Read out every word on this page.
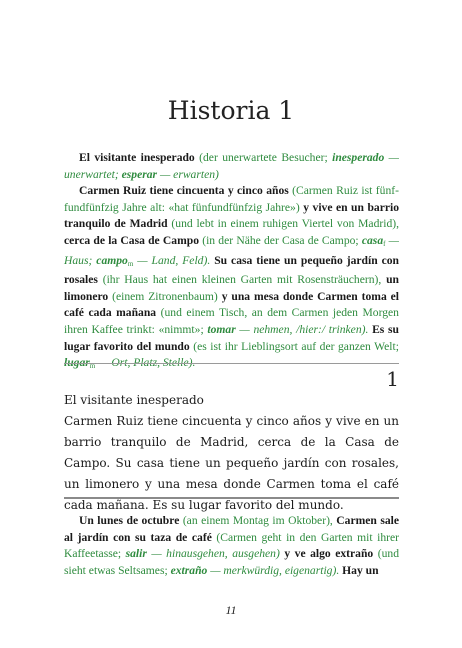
Historia 1

El visitante inesperado (der unerwartete Besucher; inesperado — unerwartet; esperar — erwarten)

Carmen Ruiz tiene cincuenta y cinco años (Carmen Ruiz ist fünffundfünfzig Jahre alt: «hat fünfundfünfzig Jahre») y vive en un barrio tranquilo de Madrid (und lebt in einem ruhigen Viertel von Madrid), cerca de la Casa de Campo (in der Nähe der Casa de Campo; casa$_f$ — Haus; campo$_m$ — Land, Feld). Su casa tiene un pequeño jardín con rosales (ihr Haus hat einen kleinen Garten mit Rosensträuchern), un limonero (einem Zitronenbaum) y una mesa donde Carmen toma el café cada mañana (und einem Tisch, an dem Carmen jeden Morgen ihren Kaffee trinkt: «nimmt»; tomar — nehmen, /hier:/ trinken). Es su lugar favorito del mundo (es ist ihr Lieblingsort auf der ganzen Welt; lugar$_m$ — Ort, Platz, Stelle).

1

El visitante inesperado

Carmen Ruiz tiene cincuenta y cinco años y vive en un barrio tranquilo de Madrid, cerca de la Casa de Campo. Su casa tiene un pequeño jardín con rosales, un limonero y una mesa donde Carmen toma el café cada mañana. Es su lugar favorito del mundo.

Un lunes de octubre (an einem Montag im Oktober), Carmen sale al jardín con su taza de café (Carmen geht in den Garten mit ihrer Kaffeetasse; salir — hinausgehen, ausgehen) y ve algo extraño (und sieht etwas Seltsames; extraño — merkwürdig, eigenartig). Hay un

11
